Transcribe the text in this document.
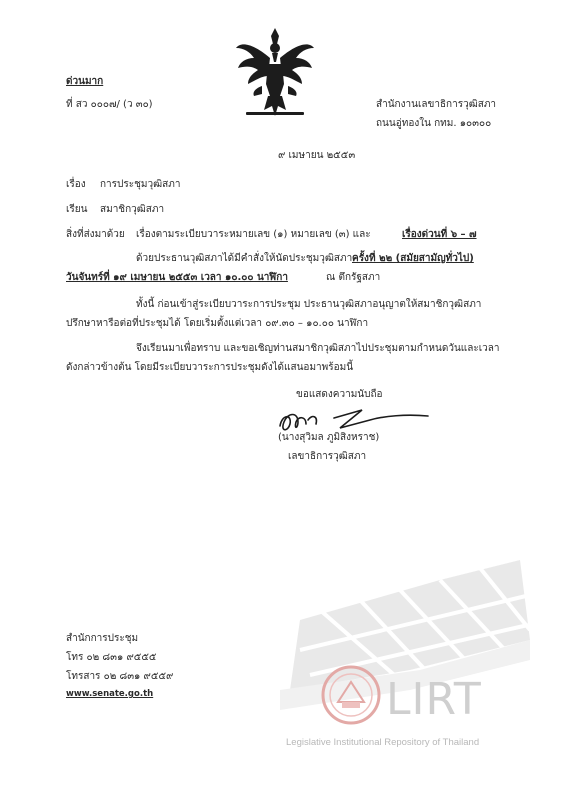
ด่วนมาก
ที่ สว ๐๐๐๗/ (ว ๓๐)	สำนักงานเลขาธิการวุฒิสภา
ถนนอู่ทองใน กทม. ๑๐๓๐๐
๙ เมษายน ๒๕๕๓
เรื่อง การประชุมวุฒิสภา
เรียน สมาชิกวุฒิสภา
สิ่งที่ส่งมาด้วย เรื่องตามระเบียบวาระหมายเลข (๑) หมายเลข (๓) และ	เรื่องด่วนที่ ๖ – ๗
ด้วยประธานวุฒิสภาได้มีคำสั่งให้นัดประชุมวุฒิสภา ครั้งที่ ๒๒ (สมัยสามัญทั่วไป)
วันจันทร์ที่ ๑๙ เมษายน ๒๕๕๓ เวลา ๑๐.๐๐ นาฬิกา	ณ ตึกรัฐสภา
ทั้งนี้ ก่อนเข้าสู่ระเบียบวาระการประชุม ประธานวุฒิสภาอนุญาตให้สมาชิกวุฒิสภา
ปรึกษาหารือต่อที่ประชุมได้ โดยเริ่มตั้งแต่เวลา ๐๙.๓๐ – ๑๐.๐๐ นาฬิกา
จึงเรียนมาเพื่อทราบ และขอเชิญท่านสมาชิกวุฒิสภาไปประชุมตามกำหนดวันและเวลา
ดังกล่าวข้างต้น โดยมีระเบียบวาระการประชุมดังได้แสนอมาพร้อมนี้
ขอแสดงความนับถือ
(นางสุวิมล ภูมิสิงหราช)
เลขาธิการวุฒิสภา
LIRT
Legislative Institutional Repository of Thailand
สำนักการประชุม
โทร ๐๒ ๘๓๑ ๙๕๕๕
โทรสาร ๐๒ ๘๓๑ ๙๕๕๙
www.senate.go.th
